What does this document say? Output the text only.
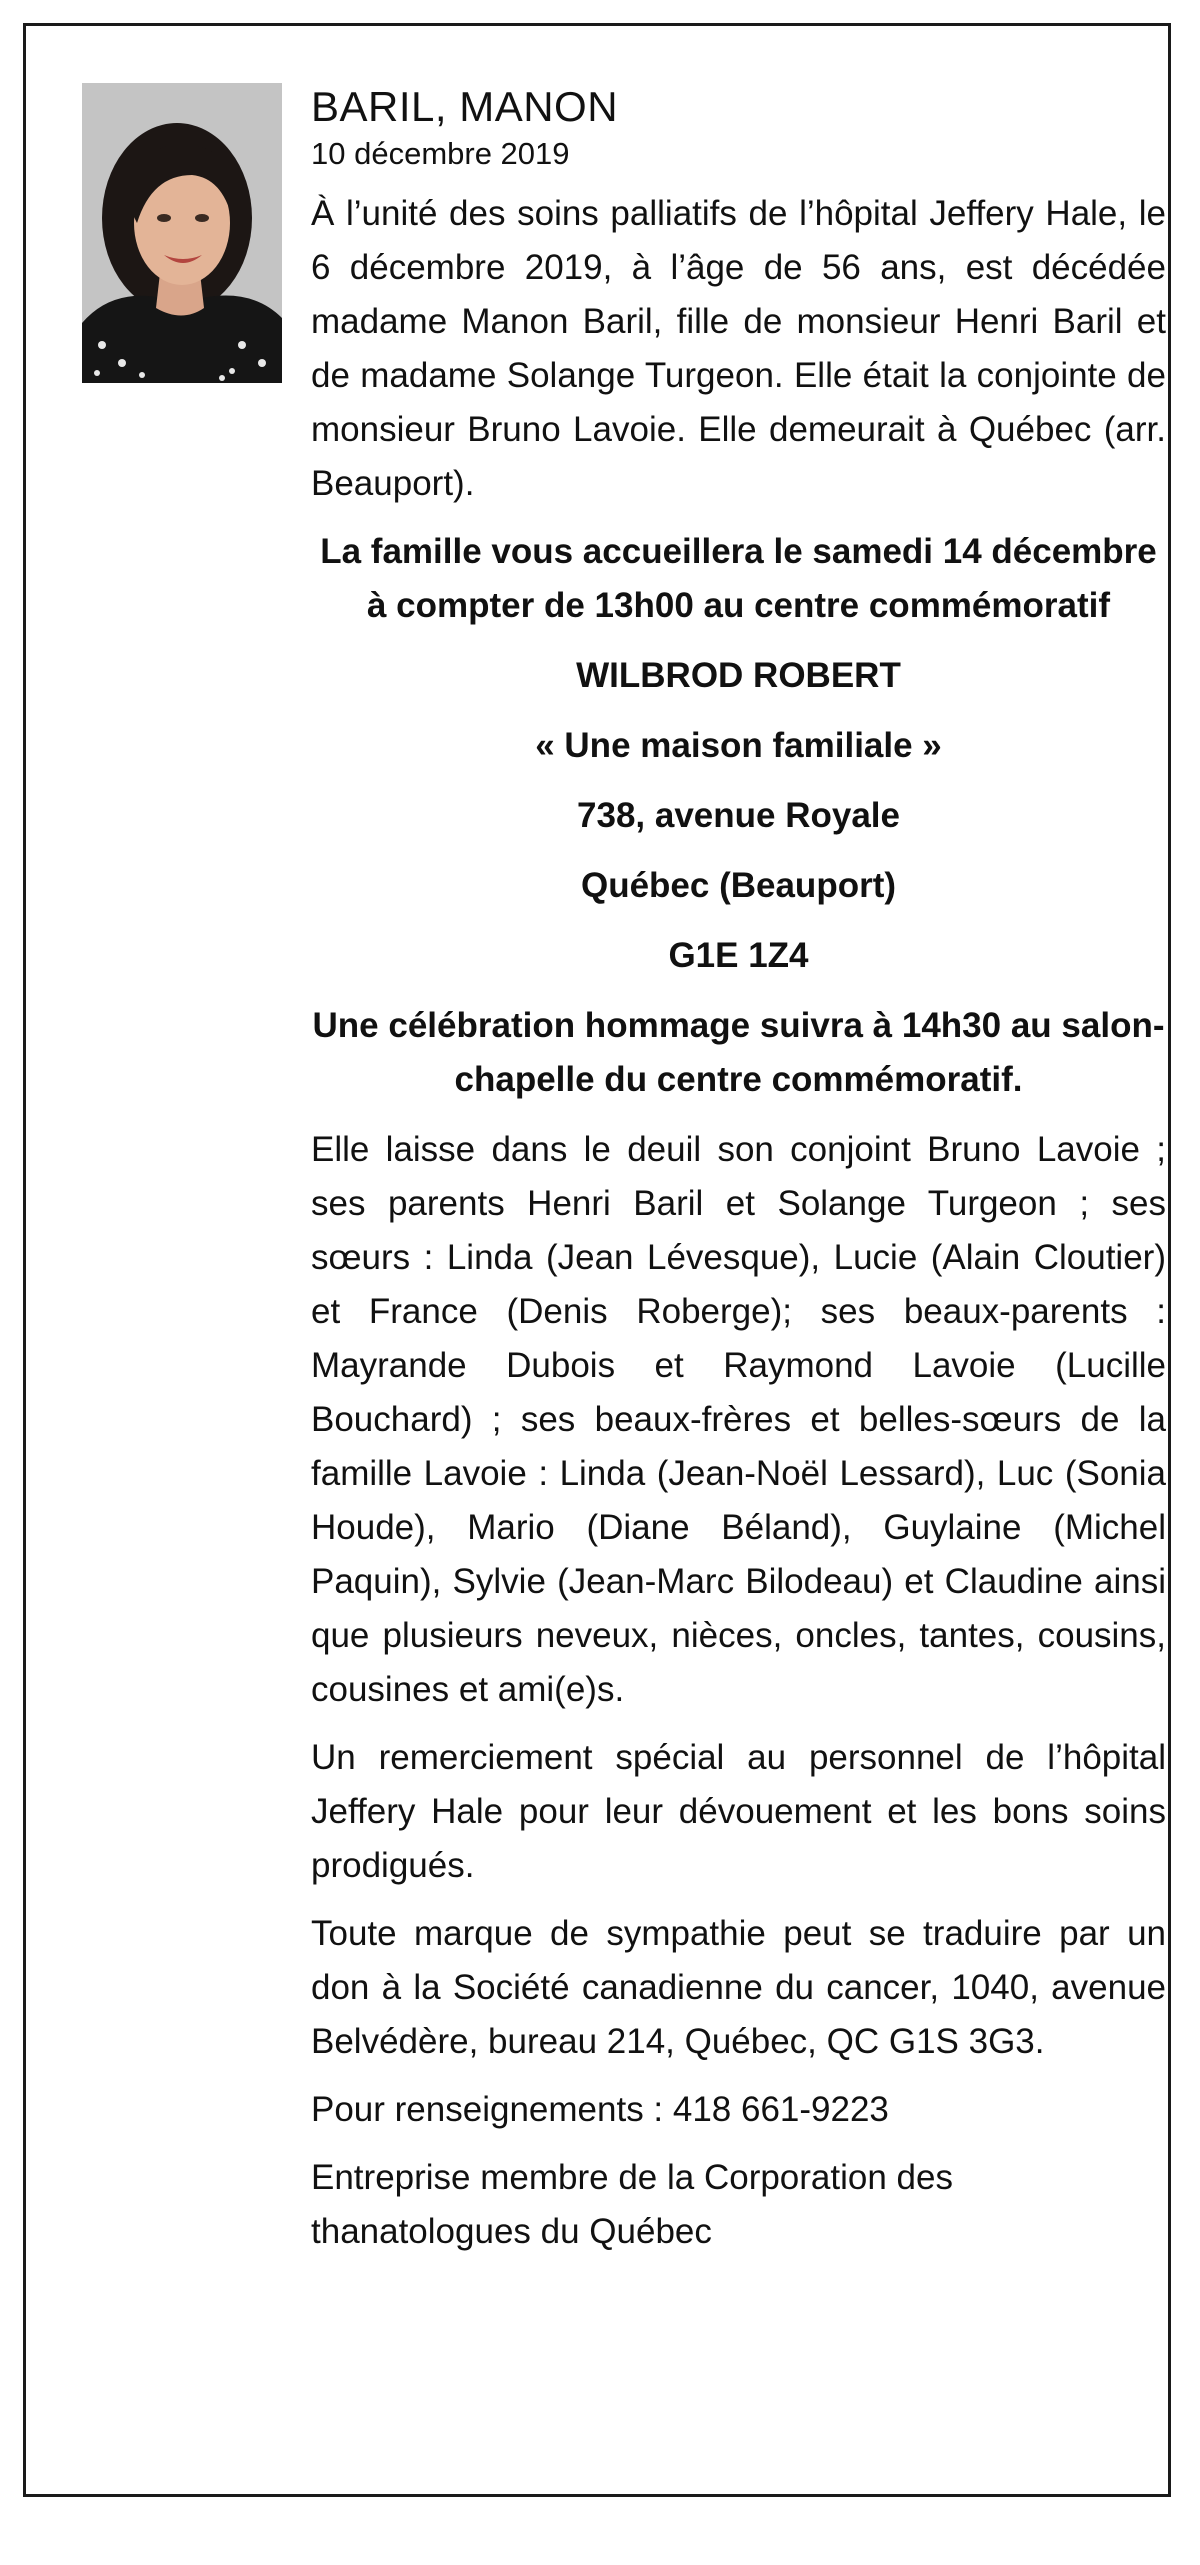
BARIL, MANON
10 décembre 2019

À l’unité des soins palliatifs de l’hôpital Jeffery Hale, le 6 décembre 2019, à l’âge de 56 ans, est décédée madame Manon Baril, fille de monsieur Henri Baril et de madame Solange Turgeon. Elle était la conjointe de monsieur Bruno Lavoie. Elle demeurait à Québec (arr. Beauport).

La famille vous accueillera le samedi 14 décembre à compter de 13h00 au centre commémoratif

WILBROD ROBERT

« Une maison familiale »

738, avenue Royale

Québec (Beauport)

G1E 1Z4

Une célébration hommage suivra à 14h30 au salon-chapelle du centre commémoratif.

Elle laisse dans le deuil son conjoint Bruno Lavoie ; ses parents Henri Baril et Solange Turgeon ; ses sœurs : Linda (Jean Lévesque), Lucie (Alain Cloutier) et France (Denis Roberge); ses beaux-parents : Mayrande Dubois et Raymond Lavoie (Lucille Bouchard) ; ses beaux-frères et belles-sœurs de la famille Lavoie : Linda (Jean-Noël Lessard), Luc (Sonia Houde), Mario (Diane Béland), Guylaine (Michel Paquin), Sylvie (Jean-Marc Bilodeau) et Claudine ainsi que plusieurs neveux, nièces, oncles, tantes, cousins, cousines et ami(e)s.

Un remerciement spécial au personnel de l’hôpital Jeffery Hale pour leur dévouement et les bons soins prodigués.

Toute marque de sympathie peut se traduire par un don à la Société canadienne du cancer, 1040, avenue Belvédère, bureau 214, Québec, QC G1S 3G3.

Pour renseignements : 418 661-9223

Entreprise membre de la Corporation des thanatologues du Québec
